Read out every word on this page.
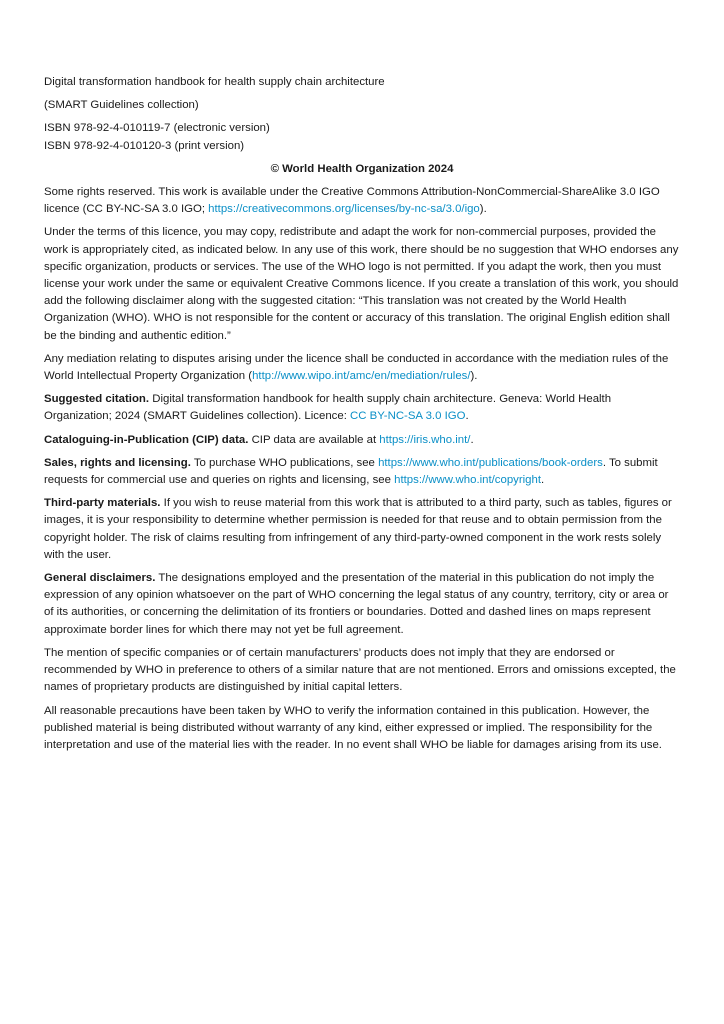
Digital transformation handbook for health supply chain architecture

(SMART Guidelines collection)

ISBN 978-92-4-010119-7 (electronic version)

ISBN 978-92-4-010120-3 (print version)

© World Health Organization 2024

Some rights reserved. This work is available under the Creative Commons Attribution-NonCommercial-ShareAlike 3.0 IGO licence (CC BY-NC-SA 3.0 IGO; https://creativecommons.org/licenses/by-nc-sa/3.0/igo).

Under the terms of this licence, you may copy, redistribute and adapt the work for non-commercial purposes, provided the work is appropriately cited, as indicated below. In any use of this work, there should be no suggestion that WHO endorses any specific organization, products or services. The use of the WHO logo is not permitted. If you adapt the work, then you must license your work under the same or equivalent Creative Commons licence. If you create a translation of this work, you should add the following disclaimer along with the suggested citation: “This translation was not created by the World Health Organization (WHO). WHO is not responsible for the content or accuracy of this translation. The original English edition shall be the binding and authentic edition.”

Any mediation relating to disputes arising under the licence shall be conducted in accordance with the mediation rules of the World Intellectual Property Organization (http://www.wipo.int/amc/en/mediation/rules/).

Suggested citation. Digital transformation handbook for health supply chain architecture. Geneva: World Health Organization; 2024 (SMART Guidelines collection). Licence: CC BY-NC-SA 3.0 IGO.

Cataloguing-in-Publication (CIP) data. CIP data are available at https://iris.who.int/.

Sales, rights and licensing. To purchase WHO publications, see https://www.who.int/publications/book-orders. To submit requests for commercial use and queries on rights and licensing, see https://www.who.int/copyright.

Third-party materials. If you wish to reuse material from this work that is attributed to a third party, such as tables, figures or images, it is your responsibility to determine whether permission is needed for that reuse and to obtain permission from the copyright holder. The risk of claims resulting from infringement of any third-party-owned component in the work rests solely with the user.

General disclaimers. The designations employed and the presentation of the material in this publication do not imply the expression of any opinion whatsoever on the part of WHO concerning the legal status of any country, territory, city or area or of its authorities, or concerning the delimitation of its frontiers or boundaries. Dotted and dashed lines on maps represent approximate border lines for which there may not yet be full agreement.

The mention of specific companies or of certain manufacturers’ products does not imply that they are endorsed or recommended by WHO in preference to others of a similar nature that are not mentioned. Errors and omissions excepted, the names of proprietary products are distinguished by initial capital letters.

All reasonable precautions have been taken by WHO to verify the information contained in this publication. However, the published material is being distributed without warranty of any kind, either expressed or implied. The responsibility for the interpretation and use of the material lies with the reader. In no event shall WHO be liable for damages arising from its use.
